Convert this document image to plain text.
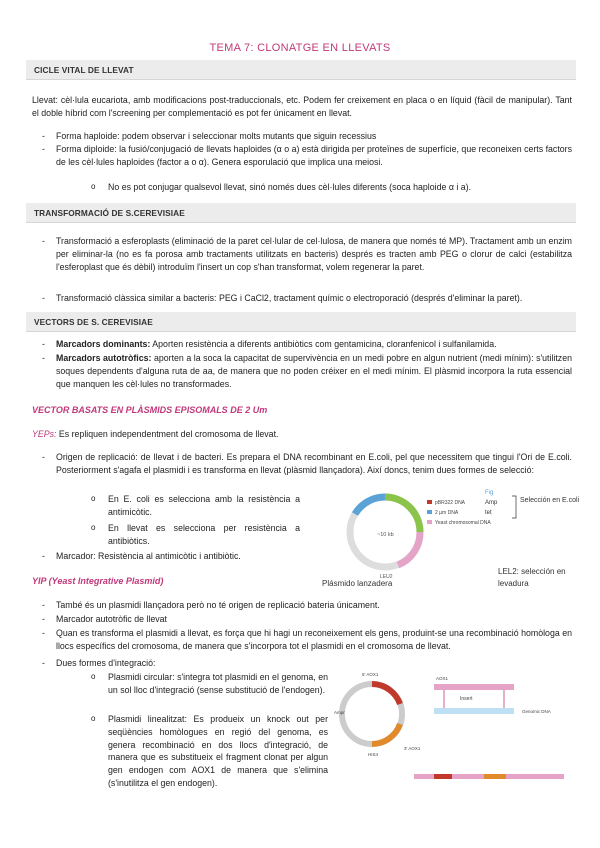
TEMA 7: CLONATGE EN LLEVATS
CICLE VITAL DE LLEVAT
Llevat: cèl·lula eucariota, amb modificacions post-traduccionals, etc. Podem fer creixement en placa o en líquid (fàcil de manipular). Tant el doble híbrid com l'screening per complementació es pot fer únicament en llevat.
- Forma haploide: podem observar i seleccionar molts mutants que siguin recessius
- Forma diploide: la fusió/conjugació de llevats haploides (α o a) està dirigida per proteïnes de superfície, que reconeixen certs factors de les cèl·lules haploides (factor a o α). Genera esporulació que implica una meiosi.
o No es pot conjugar qualsevol llevat, sinó només dues cèl·lules diferents (soca haploide α i a).
TRANSFORMACIÓ DE S.CEREVISIAE
- Transformació a esferoplasts (eliminació de la paret cel·lular de cel·lulosa, de manera que només té MP). Tractament amb un enzim per eliminar-la (no es fa porosa amb tractaments utilitzats en bacteris) després es tracten amb PEG o clorur de calci (estabilitza l'esferoplast que és dèbil) introduïm l'insert un cop s'han transformat, volem regenerar la paret.
- Transformació clàssica similar a bacteris: PEG i CaCl2, tractament químic o electroporació (després d'eliminar la paret).
VECTORS DE S. CEREVISIAE
- Marcadors dominants: Aporten resistència a diferents antibiòtics com gentamicina, cloranfenicol i sulfanilamida.
- Marcadors autotròfics: aporten a la soca la capacitat de supervivència en un medi pobre en algun nutrient (medi mínim): s'utilitzen soques dependents d'alguna ruta de aa, de manera que no poden créixer en el medi mínim. El plàsmid incorpora la ruta essencial que manquen les cèl·lules no transformades.
VECTOR BASATS EN PLÀSMIDS EPISOMALS DE 2 Um
YEPs: Es repliquen independentment del cromosoma de llevat.
- Origen de replicació: de llevat i de bacteri. Es prepara el DNA recombinant en E.coli, pel que necessitem que tingui l'Ori de E.coli. Posteriorment s'agafa el plasmidi i es transforma en llevat (plàsmid llançadora). Així doncs, tenim dues formes de selecció:
o En E. coli es selecciona amb la resistència a antimicòtic.
o En llevat es selecciona per resistència a antibiòtics.
- Marcador: Resistència al antimicòtic i antibiòtic.
~10 kb
LEU2
pBR322 DNA
2 µm DNA
Yeast chromosomal DNA
Fig
Amp
tet
Selección en E.coli
Plásmido lanzadera
LEL2: selección en levadura
YIP (Yeast Integrative Plasmid)
- També és un plasmidi llançadora però no té origen de replicació bateria únicament.
- Marcador autotròfic de llevat
- Quan es transforma el plasmidi a llevat, es força que hi hagi un reconeixement els gens, produint-se una recombinació homòloga en llocs específics del cromosoma, de manera que s'incorpora tot el plasmidi en el cromosoma de llevat.
- Dues formes d'integració:
o Plasmidi circular: s'integra tot plasmidi en el genoma, en un sol lloc d'integració (sense substitució de l'endogen).
o Plasmidi linealitzat: Es produeix un knock out per seqüències homòlogues en regió del genoma, es genera recombinació en dos llocs d'integració, de manera que es substitueix el fragment clonat per algun gen endogen com AOX1 de manera que s'elimina (s'inutilitza el gen endogen).
5' AOX1
3' AOX1
Ampr
HIS4
AOX1
Insert
Genomic DNA
